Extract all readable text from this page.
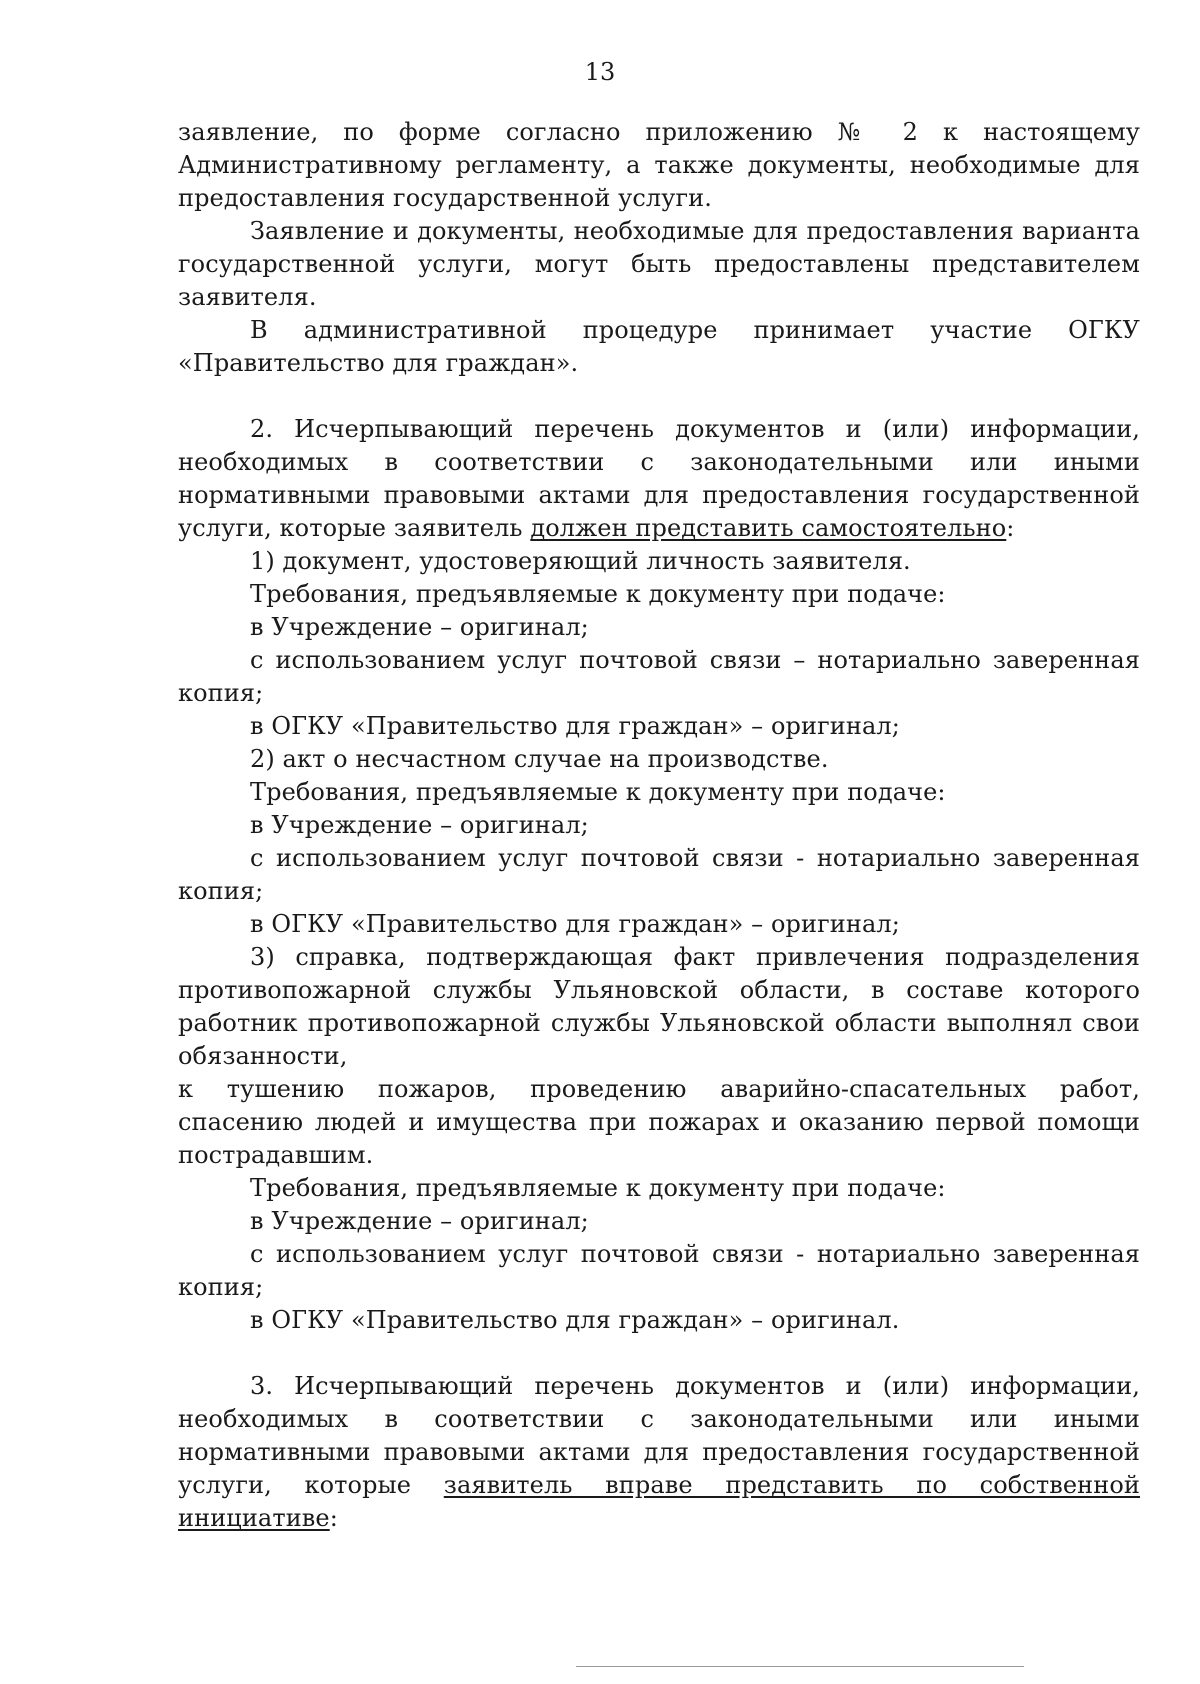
13

заявление, по форме согласно приложению № 2 к настоящему Административному регламенту, а также документы, необходимые для предоставления государственной услуги.

Заявление и документы, необходимые для предоставления варианта государственной услуги, могут быть предоставлены представителем заявителя.

В административной процедуре принимает участие ОГКУ «Правительство для граждан».

2. Исчерпывающий перечень документов и (или) информации, необходимых в соответствии с законодательными или иными нормативными правовыми актами для предоставления государственной услуги, которые заявитель должен представить самостоятельно:

1) документ, удостоверяющий личность заявителя.

Требования, предъявляемые к документу при подаче:

в Учреждение – оригинал;

с использованием услуг почтовой связи – нотариально заверенная копия;

в ОГКУ «Правительство для граждан» – оригинал;

2) акт о несчастном случае на производстве.

Требования, предъявляемые к документу при подаче:

в Учреждение – оригинал;

с использованием услуг почтовой связи - нотариально заверенная копия;

в ОГКУ «Правительство для граждан» – оригинал;

3) справка, подтверждающая факт привлечения подразделения противопожарной службы Ульяновской области, в составе которого работник противопожарной службы Ульяновской области выполнял свои обязанности,

к тушению пожаров, проведению аварийно-спасательных работ, спасению людей и имущества при пожарах и оказанию первой помощи пострадавшим.

Требования, предъявляемые к документу при подаче:

в Учреждение – оригинал;

с использованием услуг почтовой связи - нотариально заверенная копия;

в ОГКУ «Правительство для граждан» – оригинал.

3. Исчерпывающий перечень документов и (или) информации, необходимых в соответствии с законодательными или иными нормативными правовыми актами для предоставления государственной услуги, которые заявитель вправе представить по собственной инициативе:
